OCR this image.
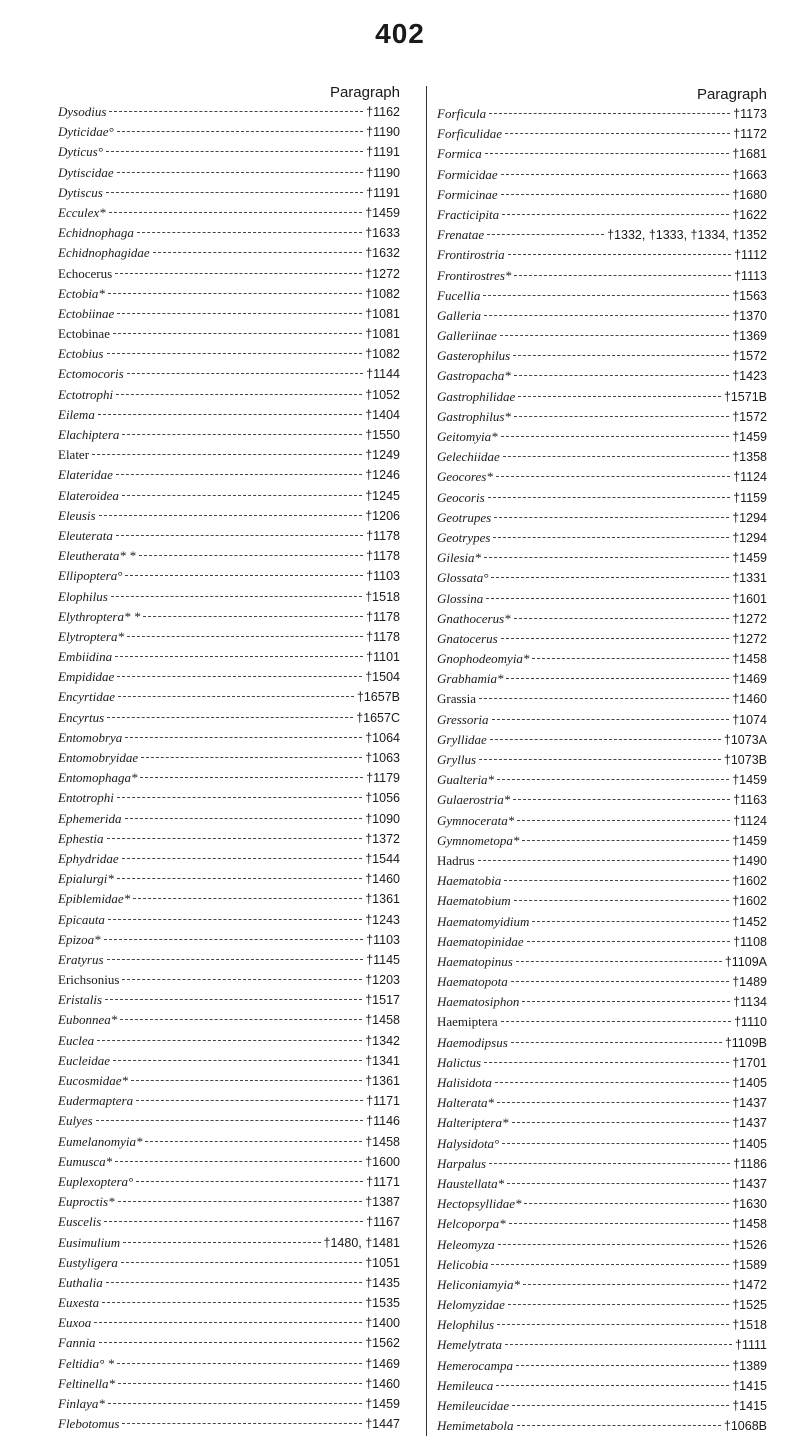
402
Paragraph
Dysodius	†1162
Dyticidae°	†1190
Dyticus°	†1191
Dytiscidae	†1190
Dytiscus	†1191
Ecculex*	†1459
Echidnophaga	†1633
Echidnophagidae	†1632
Echocerus	†1272
Ectobia*	†1082
Ectobiinae	†1081
Ectobinae	†1081
Ectobius	†1082
Ectomocoris	†1144
Ectotrophi	†1052
Eilema	†1404
Elachiptera	†1550
Elater	†1249
Elateridae	†1246
Elateroidea	†1245
Eleusis	†1206
Eleuterata	†1178
Eleutherata* *	†1178
Ellipoptera°	†1103
Elophilus	†1518
Elythroptera* *	†1178
Elytroptera*	†1178
Embiidina	†1101
Empididae	†1504
Encyrtidae	†1657B
Encyrtus	†1657C
Entomobrya	†1064
Entomobryidae	†1063
Entomophaga*	†1179
Entotrophi	†1056
Ephemerida	†1090
Ephestia	†1372
Ephydridae	†1544
Epialurgi*	†1460
Epiblemidae*	†1361
Epicauta	†1243
Epizoa*	†1103
Eratyrus	†1145
Erichsonius	†1203
Eristalis	†1517
Eubonnea*	†1458
Euclea	†1342
Eucleidae	†1341
Eucosmidae*	†1361
Eudermaptera	†1171
Eulyes	†1146
Eumelanomyia*	†1458
Eumusca*	†1600
Euplexoptera°	†1171
Euproctis*	†1387
Euscelis	†1167
Eusimulium	†1480, †1481
Eustyligera	†1051
Euthalia	†1435
Euxesta	†1535
Euxoa	†1400
Fannia	†1562
Feltidia° *	†1469
Feltinella*	†1460
Finlaya*	†1459
Flebotomus	†1447
Paragraph
Forficula	†1173
Forficulidae	†1172
Formica	†1681
Formicidae	†1663
Formicinae	†1680
Fracticipita	†1622
Frenatae	†1332, †1333, †1334, †1352
Frontirostria	†1112
Frontirostres*	†1113
Fucellia	†1563
Galleria	†1370
Galleriinae	†1369
Gasterophilus	†1572
Gastropacha*	†1423
Gastrophilidae	†1571B
Gastrophilus*	†1572
Geitomyia*	†1459
Gelechiidae	†1358
Geocores*	†1124
Geocoris	†1159
Geotrupes	†1294
Geotrypes	†1294
Gilesia*	†1459
Glossata°	†1331
Glossina	†1601
Gnathocerus*	†1272
Gnatocerus	†1272
Gnophodeomyia*	†1458
Grabhamia*	†1469
Grassia	†1460
Gressoria	†1074
Gryllidae	†1073A
Gryllus	†1073B
Gualteria*	†1459
Gulaerostria*	†1163
Gymnocerata*	†1124
Gymnometopa*	†1459
Hadrus	†1490
Haematobia	†1602
Haematobium	†1602
Haematomyidium	†1452
Haematopinidae	†1108
Haematopinus	†1109A
Haematopota	†1489
Haematosiphon	†1134
Haemiptera	†1110
Haemodipsus	†1109B
Halictus	†1701
Halisidota	†1405
Halterata*	†1437
Halteriptera*	†1437
Halysidota°	†1405
Harpalus	†1186
Haustellata*	†1437
Hectopsyllidae*	†1630
Helcoporpa*	†1458
Heleomyza	†1526
Helicobia	†1589
Heliconiamyia*	†1472
Helomyzidae	†1525
Helophilus	†1518
Hemelytrata	†1111
Hemerocampa	†1389
Hemileuca	†1415
Hemileucidae	†1415
Hemimetabola	†1068B
